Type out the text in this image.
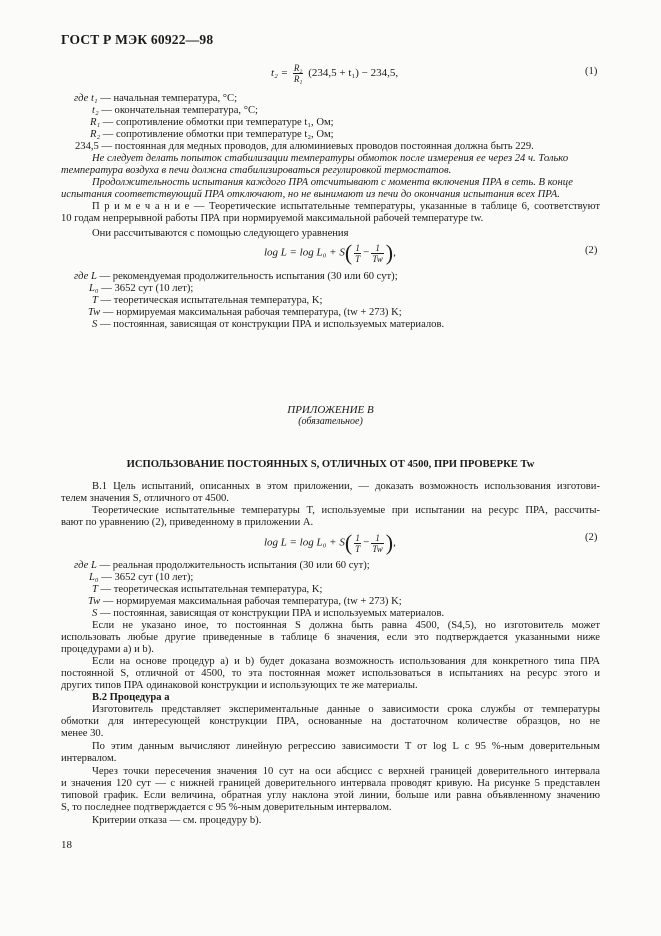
ГОСТ Р МЭК 60922—98
$t_2 = \frac{\text{R₂}}{\text{R₁}} (234,5 + t_1) - 234,5$,	(1)
где t₁ — начальная температура, °C;
t₂ — окончательная температура, °C;
R₁ — сопротивление обмотки при температуре t₁, Ом;
R₂ — сопротивление обмотки при температуре t₂, Ом;
234,5 — постоянная для медных проводов, для алюминиевых проводов постоянная должна быть 229.
Не следует делать попыток стабилизации температуры обмоток после измерения ее через 24 ч. Только
температура воздуха в печи должна стабилизироваться регулировкой термостатов.
Продолжительность испытания каждого ПРА отсчитывают с момента включения ПРА в сеть. В конце
испытания соответствующий ПРА отключают, но не вынимают из печи до окончания испытания всех ПРА.
П р и м е ч а н и е — Теоретические испытательные температуры, указанные в таблице 6, соответствуют
10 годам непрерывной работы ПРА при нормируемой максимальной рабочей температуре tw.
Они рассчитываются с помощью следующего уравнения
$\log L = \log L_0 + S( \frac{1}{T} - \frac{1}{Tw}$ ),	(2)
где L — рекомендуемая продолжительность испытания (30 или 60 сут);
L₀ — 3652 сут (10 лет);
T — теоретическая испытательная температура, K;
Tw — нормируемая максимальная рабочая температура, (tw + 273) K;
S — постоянная, зависящая от конструкции ПРА и используемых материалов.
ПРИЛОЖЕНИЕ В
(обязательное)
ИСПОЛЬЗОВАНИЕ ПОСТОЯННЫХ S, ОТЛИЧНЫХ ОТ 4500, ПРИ ПРОВЕРКЕ Tw
В.1 Цель испытаний, описанных в этом приложении, — доказать возможность использования изготови-
телем значения S, отличного от 4500.
Теоретические испытательные температуры T, используемые при испытании на ресурс ПРА, рассчиты-
вают по уравнению (2), приведенному в приложении А.
$\log L = \log L_0 + S( \frac{1}{T} - \frac{1}{Tw}$ ),	(2)
где L — реальная продолжительность испытания (30 или 60 сут);
L₀ — 3652 сут (10 лет);
T — теоретическая испытательная температура, K;
Tw — нормируемая максимальная рабочая температура, (tw + 273) K;
S — постоянная, зависящая от конструкции ПРА и используемых материалов.
Если не указано иное, то постоянная S должна быть равна 4500, (S4,5), но изготовитель может
использовать любые другие приведенные в таблице 6 значения, если это подтверждается указанными ниже
процедурами а) и b).
Если на основе процедур а) и b) будет доказана возможность использования для конкретного типа ПРА
постоянной S, отличной от 4500, то эта постоянная может использоваться в испытаниях на ресурс этого и
других типов ПРА одинаковой конструкции и использующих те же материалы.
В.2 Процедура а
Изготовитель представляет экспериментальные данные о зависимости срока службы от температуры
обмотки для интересующей конструкции ПРА, основанные на достаточном количестве образцов, но не
менее 30.
По этим данным вычисляют линейную регрессию зависимости T от log L с 95 %-ным доверительным
интервалом.
Через точки пересечения значения 10 сут на оси абсцисс с верхней границей доверительного интервала
и значения 120 сут — с нижней границей доверительного интервала проводят кривую. На рисунке 5 представлен
типовой график. Если величина, обратная углу наклона этой линии, больше или равна объявленному значению
S, то последнее подтверждается с 95 %-ным доверительным интервалом.
Критерии отказа — см. процедуру b).
18
